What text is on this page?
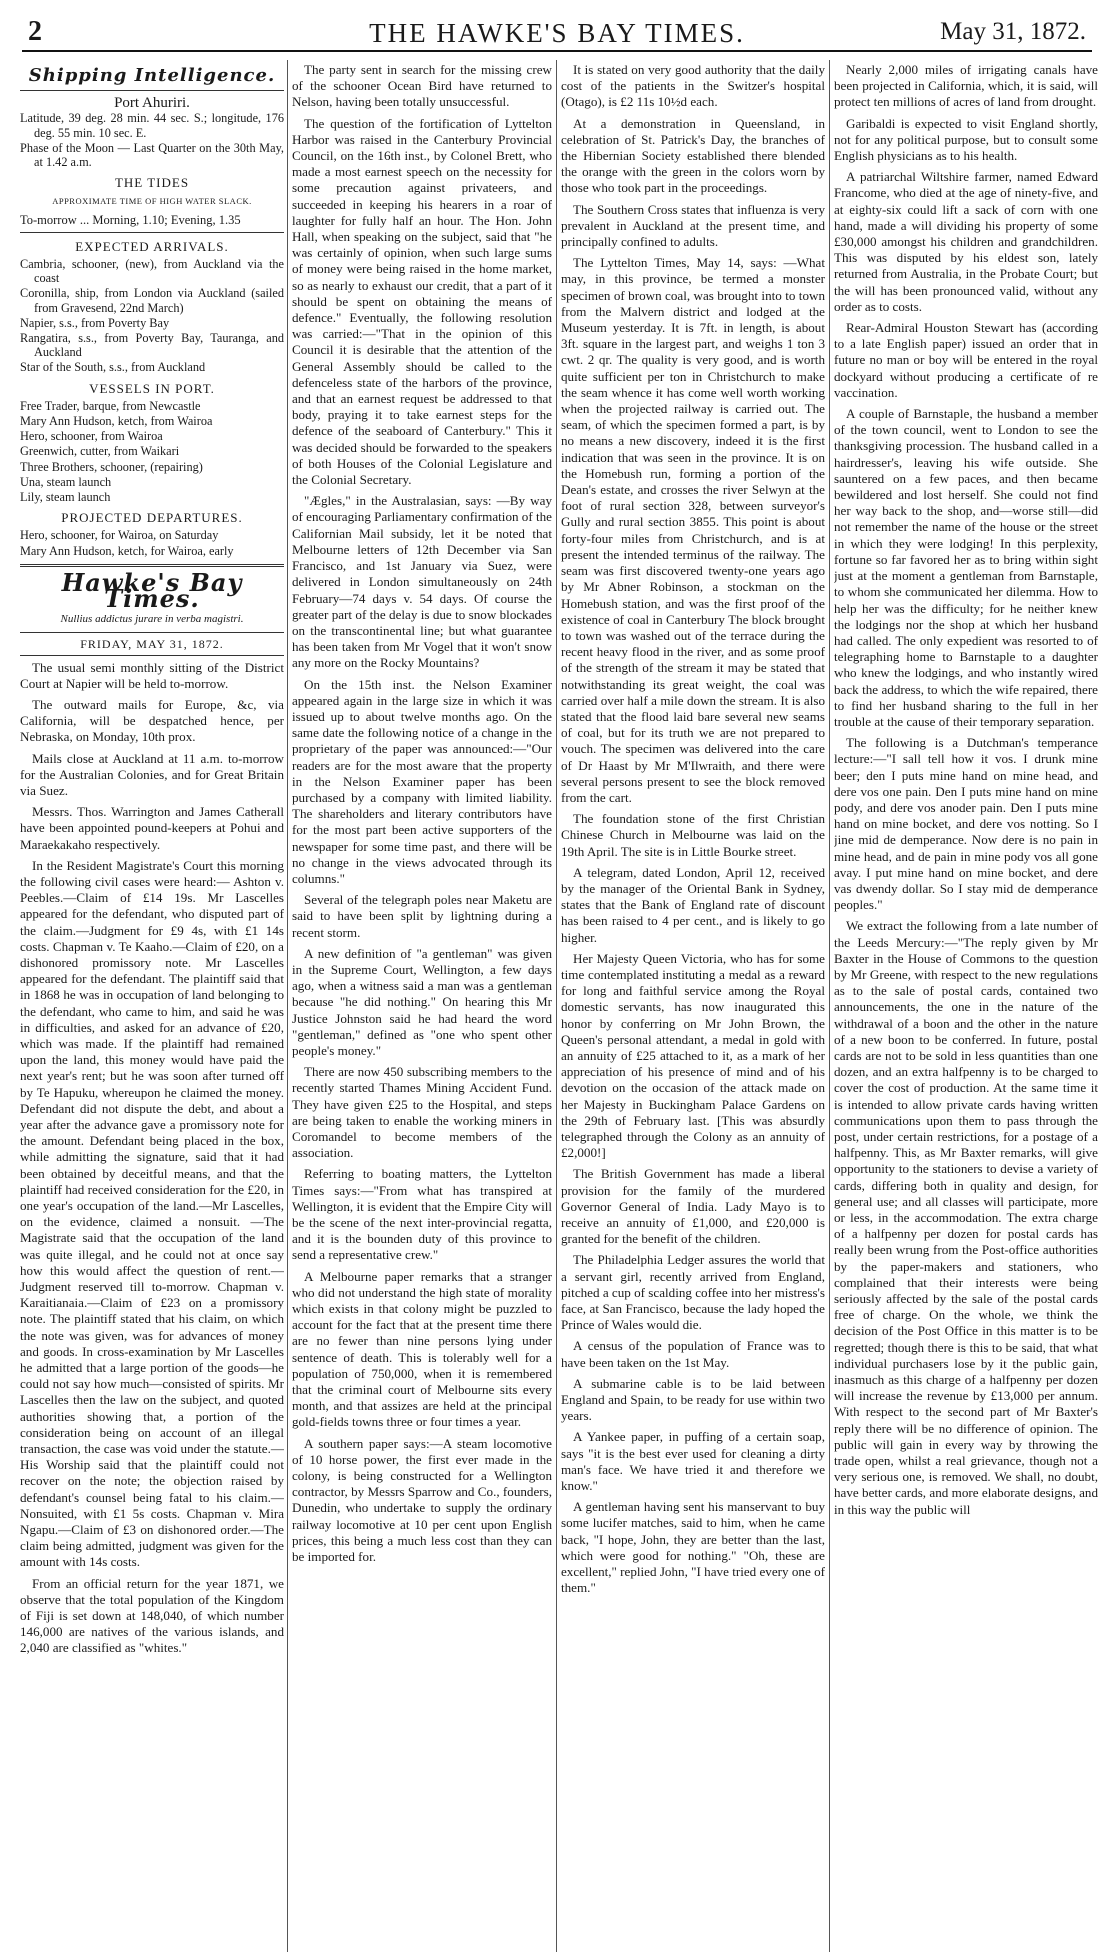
2	THE HAWKE'S BAY TIMES.	May 31, 1872.
Shipping Intelligence.
Port Ahuriri.
Latitude, 39 deg. 28 min. 44 sec. S.; longitude, 176 deg. 55 min. 10 sec. E.
Phase of the Moon — Last Quarter on the 30th May, at 1.42 a.m.
THE TIDES
APPROXIMATE TIME OF HIGH WATER SLACK.
To-morrow ... Morning, 1.10; Evening, 1.35
EXPECTED ARRIVALS.
Cambria, schooner, (new), from Auckland via the coast
Coronilla, ship, from London via Auckland (sailed from Gravesend, 22nd March)
Napier, s.s., from Poverty Bay
Rangatira, s.s., from Poverty Bay, Tauranga, and Auckland
Star of the South, s.s., from Auckland
VESSELS IN PORT.
Free Trader, barque, from Newcastle
Mary Ann Hudson, ketch, from Wairoa
Hero, schooner, from Wairoa
Greenwich, cutter, from Waikari
Three Brothers, schooner, (repairing)
Una, steam launch
Lily, steam launch
PROJECTED DEPARTURES.
Hero, schooner, for Wairoa, on Saturday
Mary Ann Hudson, ketch, for Wairoa, early
Hawke's Bay Times.
Nullius addictus jurare in verba magistri.
FRIDAY, MAY 31, 1872.

The usual semi monthly sitting of the District Court at Napier will be held to-morrow.

The outward mails for Europe, &c, via California, will be despatched hence, per Nebraska, on Monday, 10th prox.

Mails close at Auckland at 11 a.m. to-morrow for the Australian Colonies, and for Great Britain via Suez.

Messrs. Thos. Warrington and James Catherall have been appointed pound-keepers at Pohui and Maraekakaho respectively.

In the Resident Magistrate's Court this morning the following civil cases were heard:— Ashton v. Peebles.—Claim of £14 19s. Mr Lascelles appeared for the defendant, who disputed part of the claim.—Judgment for £9 4s, with £1 14s costs. Chapman v. Te Kaaho.—Claim of £20, on a dishonored promissory note. Mr Lascelles appeared for the defendant. The plaintiff said that in 1868 he was in occupation of land belonging to the defendant, who came to him, and said he was in difficulties, and asked for an advance of £20, which was made. If the plaintiff had remained upon the land, this money would have paid the next year's rent; but he was soon after turned off by Te Hapuku, whereupon he claimed the money. Defendant did not dispute the debt, and about a year after the advance gave a promissory note for the amount. Defendant being placed in the box, while admitting the signature, said that it had been obtained by deceitful means, and that the plaintiff had received consideration for the £20, in one year's occupation of the land.—Mr Lascelles, on the evidence, claimed a nonsuit. —The Magistrate said that the occupation of the land was quite illegal, and he could not at once say how this would affect the question of rent.—Judgment reserved till to-morrow. Chapman v. Karaitianaia.—Claim of £23 on a promissory note. The plaintiff stated that his claim, on which the note was given, was for advances of money and goods. In cross-examination by Mr Lascelles he admitted that a large portion of the goods—he could not say how much—consisted of spirits. Mr Lascelles then the law on the subject, and quoted authorities showing that, a portion of the consideration being on account of an illegal transaction, the case was void under the statute.—His Worship said that the plaintiff could not recover on the note; the objection raised by defendant's counsel being fatal to his claim.—Nonsuited, with £1 5s costs. Chapman v. Mira Ngapu.—Claim of £3 on dishonored order.—The claim being admitted, judgment was given for the amount with 14s costs.

From an official return for the year 1871, we observe that the total population of the Kingdom of Fiji is set down at 148,040, of which number 146,000 are natives of the various islands, and 2,040 are classified as "whites."

The party sent in search for the missing crew of the schooner Ocean Bird have returned to Nelson, having been totally unsuccessful.

The question of the fortification of Lyttelton Harbor was raised in the Canterbury Provincial Council, on the 16th inst., by Colonel Brett, who made a most earnest speech on the necessity for some precaution against privateers, and succeeded in keeping his hearers in a roar of laughter for fully half an hour. The Hon. John Hall, when speaking on the subject, said that "he was certainly of opinion, when such large sums of money were being raised in the home market, so as nearly to exhaust our credit, that a part of it should be spent on obtaining the means of defence." Eventually, the following resolution was carried:—"That in the opinion of this Council it is desirable that the attention of the General Assembly should be called to the defenceless state of the harbors of the province, and that an earnest request be addressed to that body, praying it to take earnest steps for the defence of the seaboard of Canterbury." This it was decided should be forwarded to the speakers of both Houses of the Colonial Legislature and the Colonial Secretary.

"Ægles," in the Australasian, says: —By way of encouraging Parliamentary confirmation of the Californian Mail subsidy, let it be noted that Melbourne letters of 12th December via San Francisco, and 1st January via Suez, were delivered in London simultaneously on 24th February—74 days v. 54 days. Of course the greater part of the delay is due to snow blockades on the transcontinental line; but what guarantee has been taken from Mr Vogel that it won't snow any more on the Rocky Mountains?

On the 15th inst. the Nelson Examiner appeared again in the large size in which it was issued up to about twelve months ago. On the same date the following notice of a change in the proprietary of the paper was announced:—"Our readers are for the most aware that the property in the Nelson Examiner paper has been purchased by a company with limited liability. The shareholders and literary contributors have for the most part been active supporters of the newspaper for some time past, and there will be no change in the views advocated through its columns."

Several of the telegraph poles near Maketu are said to have been split by lightning during a recent storm.

A new definition of "a gentleman" was given in the Supreme Court, Wellington, a few days ago, when a witness said a man was a gentleman because "he did nothing." On hearing this Mr Justice Johnston said he had heard the word "gentleman," defined as "one who spent other people's money."

There are now 450 subscribing members to the recently started Thames Mining Accident Fund. They have given £25 to the Hospital, and steps are being taken to enable the working miners in Coromandel to become members of the association.

Referring to boating matters, the Lyttelton Times says:—"From what has transpired at Wellington, it is evident that the Empire City will be the scene of the next inter-provincial regatta, and it is the bounden duty of this province to send a representative crew."

A Melbourne paper remarks that a stranger who did not understand the high state of morality which exists in that colony might be puzzled to account for the fact that at the present time there are no fewer than nine persons lying under sentence of death. This is tolerably well for a population of 750,000, when it is remembered that the criminal court of Melbourne sits every month, and that assizes are held at the principal gold-fields towns three or four times a year.

A southern paper says:—A steam locomotive of 10 horse power, the first ever made in the colony, is being constructed for a Wellington contractor, by Messrs Sparrow and Co., founders, Dunedin, who undertake to supply the ordinary railway locomotive at 10 per cent upon English prices, this being a much less cost than they can be imported for.

It is stated on very good authority that the daily cost of the patients in the Switzer's hospital (Otago), is £2 11s 10½d each.

At a demonstration in Queensland, in celebration of St. Patrick's Day, the branches of the Hibernian Society established there blended the orange with the green in the colors worn by those who took part in the proceedings.

The Southern Cross states that influenza is very prevalent in Auckland at the present time, and principally confined to adults.

The Lyttelton Times, May 14, says: —What may, in this province, be termed a monster specimen of brown coal, was brought into to town from the Malvern district and lodged at the Museum yesterday. It is 7ft. in length, is about 3ft. square in the largest part, and weighs 1 ton 3 cwt. 2 qr. The quality is very good, and is worth quite sufficient per ton in Christchurch to make the seam whence it has come well worth working when the projected railway is carried out. The seam, of which the specimen formed a part, is by no means a new discovery, indeed it is the first indication that was seen in the province. It is on the Homebush run, forming a portion of the Dean's estate, and crosses the river Selwyn at the foot of rural section 328, between surveyor's Gully and rural section 3855. This point is about forty-four miles from Christchurch, and is at present the intended terminus of the railway. The seam was first discovered twenty-one years ago by Mr Abner Robinson, a stockman on the Homebush station, and was the first proof of the existence of coal in Canterbury The block brought to town was washed out of the terrace during the recent heavy flood in the river, and as some proof of the strength of the stream it may be stated that notwithstanding its great weight, the coal was carried over half a mile down the stream. It is also stated that the flood laid bare several new seams of coal, but for its truth we are not prepared to vouch. The specimen was delivered into the care of Dr Haast by Mr M'Ilwraith, and there were several persons present to see the block removed from the cart.

The foundation stone of the first Christian Chinese Church in Melbourne was laid on the 19th April. The site is in Little Bourke street.

A telegram, dated London, April 12, received by the manager of the Oriental Bank in Sydney, states that the Bank of England rate of discount has been raised to 4 per cent., and is likely to go higher.

Her Majesty Queen Victoria, who has for some time contemplated instituting a medal as a reward for long and faithful service among the Royal domestic servants, has now inaugurated this honor by conferring on Mr John Brown, the Queen's personal attendant, a medal in gold with an annuity of £25 attached to it, as a mark of her appreciation of his presence of mind and of his devotion on the occasion of the attack made on her Majesty in Buckingham Palace Gardens on the 29th of February last. [This was absurdly telegraphed through the Colony as an annuity of £2,000!]

The British Government has made a liberal provision for the family of the murdered Governor General of India. Lady Mayo is to receive an annuity of £1,000, and £20,000 is granted for the benefit of the children.

The Philadelphia Ledger assures the world that a servant girl, recently arrived from England, pitched a cup of scalding coffee into her mistress's face, at San Francisco, because the lady hoped the Prince of Wales would die.

A census of the population of France was to have been taken on the 1st May.

A submarine cable is to be laid between England and Spain, to be ready for use within two years.

A Yankee paper, in puffing of a certain soap, says "it is the best ever used for cleaning a dirty man's face. We have tried it and therefore we know."

A gentleman having sent his manservant to buy some lucifer matches, said to him, when he came back, "I hope, John, they are better than the last, which were good for nothing." "Oh, these are excellent," replied John, "I have tried every one of them."

Nearly 2,000 miles of irrigating canals have been projected in California, which, it is said, will protect ten millions of acres of land from drought.

Garibaldi is expected to visit England shortly, not for any political purpose, but to consult some English physicians as to his health.

A patriarchal Wiltshire farmer, named Edward Francome, who died at the age of ninety-five, and at eighty-six could lift a sack of corn with one hand, made a will dividing his property of some £30,000 amongst his children and grandchildren. This was disputed by his eldest son, lately returned from Australia, in the Probate Court; but the will has been pronounced valid, without any order as to costs.

Rear-Admiral Houston Stewart has (according to a late English paper) issued an order that in future no man or boy will be entered in the royal dockyard without producing a certificate of re vaccination.

A couple of Barnstaple, the husband a member of the town council, went to London to see the thanksgiving procession. The husband called in a hairdresser's, leaving his wife outside. She sauntered on a few paces, and then became bewildered and lost herself. She could not find her way back to the shop, and—worse still—did not remember the name of the house or the street in which they were lodging! In this perplexity, fortune so far favored her as to bring within sight just at the moment a gentleman from Barnstaple, to whom she communicated her dilemma. How to help her was the difficulty; for he neither knew the lodgings nor the shop at which her husband had called. The only expedient was resorted to of telegraphing home to Barnstaple to a daughter who knew the lodgings, and who instantly wired back the address, to which the wife repaired, there to find her husband sharing to the full in her trouble at the cause of their temporary separation.

The following is a Dutchman's temperance lecture:—"I sall tell how it vos. I drunk mine beer; den I puts mine hand on mine head, and dere vos one pain. Den I puts mine hand on mine pody, and dere vos anoder pain. Den I puts mine hand on mine bocket, and dere vos notting. So I jine mid de demperance. Now dere is no pain in mine head, and de pain in mine pody vos all gone avay. I put mine hand on mine bocket, and dere vas dwendy dollar. So I stay mid de demperance peoples."

We extract the following from a late number of the Leeds Mercury:—"The reply given by Mr Baxter in the House of Commons to the question by Mr Greene, with respect to the new regulations as to the sale of postal cards, contained two announcements, the one in the nature of the withdrawal of a boon and the other in the nature of a new boon to be conferred. In future, postal cards are not to be sold in less quantities than one dozen, and an extra halfpenny is to be charged to cover the cost of production. At the same time it is intended to allow private cards having written communications upon them to pass through the post, under certain restrictions, for a postage of a halfpenny. This, as Mr Baxter remarks, will give opportunity to the stationers to devise a variety of cards, differing both in quality and design, for general use; and all classes will participate, more or less, in the accommodation. The extra charge of a halfpenny per dozen for postal cards has really been wrung from the Post-office authorities by the paper-makers and stationers, who complained that their interests were being seriously affected by the sale of the postal cards free of charge. On the whole, we think the decision of the Post Office in this matter is to be regretted; though there is this to be said, that what individual purchasers lose by it the public gain, inasmuch as this charge of a halfpenny per dozen will increase the revenue by £13,000 per annum. With respect to the second part of Mr Baxter's reply there will be no difference of opinion. The public will gain in every way by throwing the trade open, whilst a real grievance, though not a very serious one, is removed. We shall, no doubt, have better cards, and more elaborate designs, and in this way the public will
